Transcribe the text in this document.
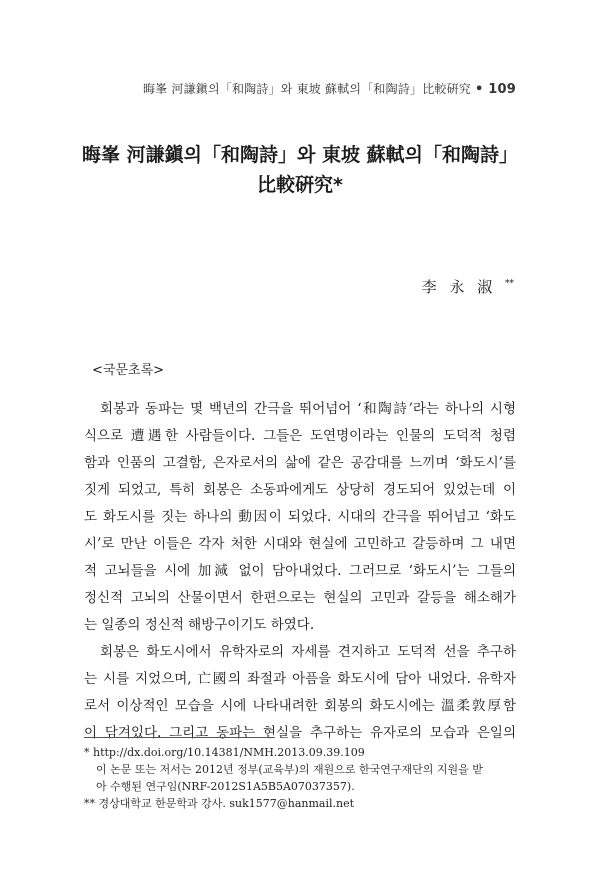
晦峯 河謙鎭의「和陶詩」와 東坡 蘇軾의「和陶詩」比較硏究 • 109
晦峯 河謙鎭의「和陶詩」와 東坡 蘇軾의「和陶詩」
比較硏究*
李 永 淑 **
<국문초록>
회봉과 동파는 몇 백년의 간극을 뛰어넘어 ‘和陶詩’라는 하나의 시형
식으로 遭遇한 사람들이다. 그들은 도연명이라는 인물의 도덕적 청렴
함과 인품의 고결함, 은자로서의 삶에 같은 공감대를 느끼며 ‘화도시’를
짓게 되었고, 특히 회봉은 소동파에게도 상당히 경도되어 있었는데 이
도 화도시를 짓는 하나의 動因이 되었다. 시대의 간극을 뛰어넘고 ‘화도
시’로 만난 이들은 각자 처한 시대와 현실에 고민하고 갈등하며 그 내면
적 고뇌들을 시에 加減 없이 담아내었다. 그러므로 ‘화도시’는 그들의
정신적 고뇌의 산물이면서 한편으로는 현실의 고민과 갈등을 해소해가
는 일종의 정신적 해방구이기도 하였다.
회봉은 화도시에서 유학자로의 자세를 견지하고 도덕적 선을 추구하
는 시를 지었으며, 亡國의 좌절과 아픔을 화도시에 담아 내었다. 유학자
로서 이상적인 모습을 시에 나타내려한 회봉의 화도시에는 溫柔敦厚함
이 담겨있다. 그리고 동파는 현실을 추구하는 유자로의 모습과 은일의
* http://dx.doi.org/10.14381/NMH.2013.09.39.109
이 논문 또는 저서는 2012년 정부(교육부)의 재원으로 한국연구재단의 지원을 받
아 수행된 연구임(NRF-2012S1A5B5A07037357).
** 경상대학교 한문학과 강사. suk1577@hanmail.net
